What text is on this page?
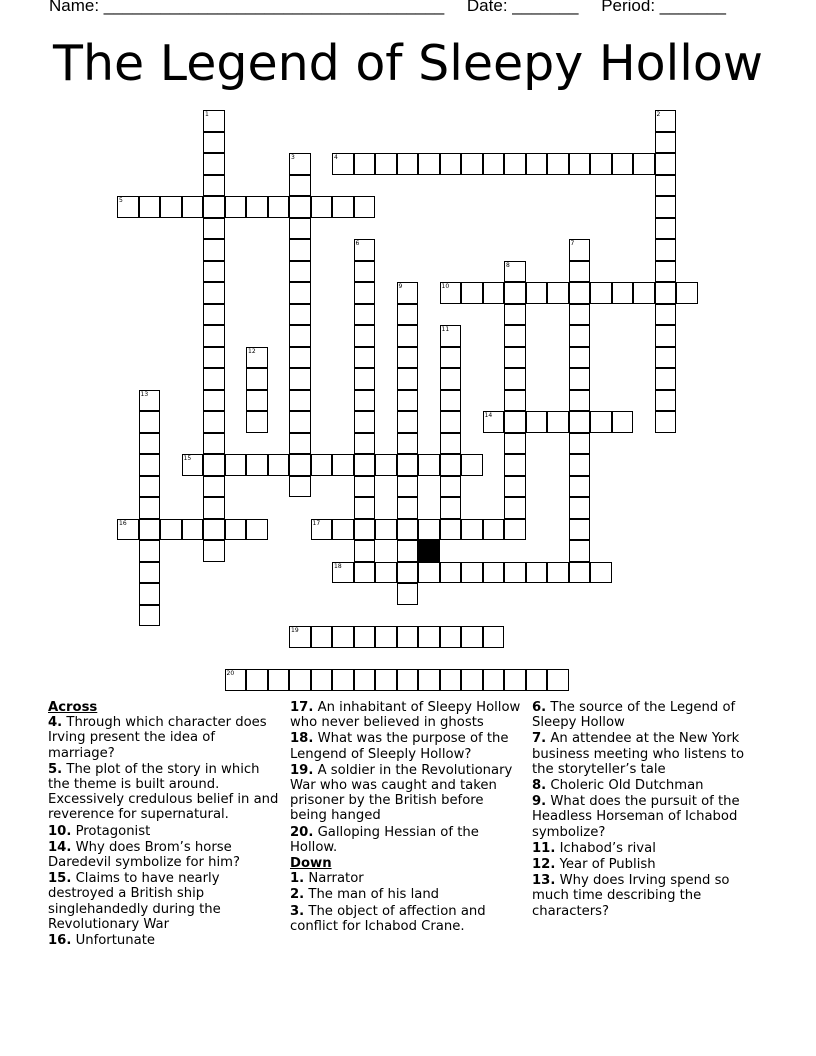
Name: ____________________________________ Date: _______ Period: _______
The Legend of Sleepy Hollow
1	2
3	4
5
6	7
8
9	10
11
12
13
14
15
16	17
18
19
20
Across
4. Through which character does Irving present the idea of marriage?
5. The plot of the story in which the theme is built around. Excessively credulous belief in and reverence for supernatural.
10. Protagonist
14. Why does Brom’s horse Daredevil symbolize for him?
15. Claims to have nearly destroyed a British ship singlehandedly during the Revolutionary War
16. Unfortunate
17. An inhabitant of Sleepy Hollow who never believed in ghosts
18. What was the purpose of the Lengend of Sleeply Hollow?
19. A soldier in the Revolutionary War who was caught and taken prisoner by the British before being hanged
20. Galloping Hessian of the Hollow.
Down
1. Narrator
2. The man of his land
3. The object of affection and conflict for Ichabod Crane.
6. The source of the Legend of Sleepy Hollow
7. An attendee at the New York business meeting who listens to the storyteller’s tale
8. Choleric Old Dutchman
9. What does the pursuit of the Headless Horseman of Ichabod symbolize?
11. Ichabod’s rival
12. Year of Publish
13. Why does Irving spend so much time describing the characters?
